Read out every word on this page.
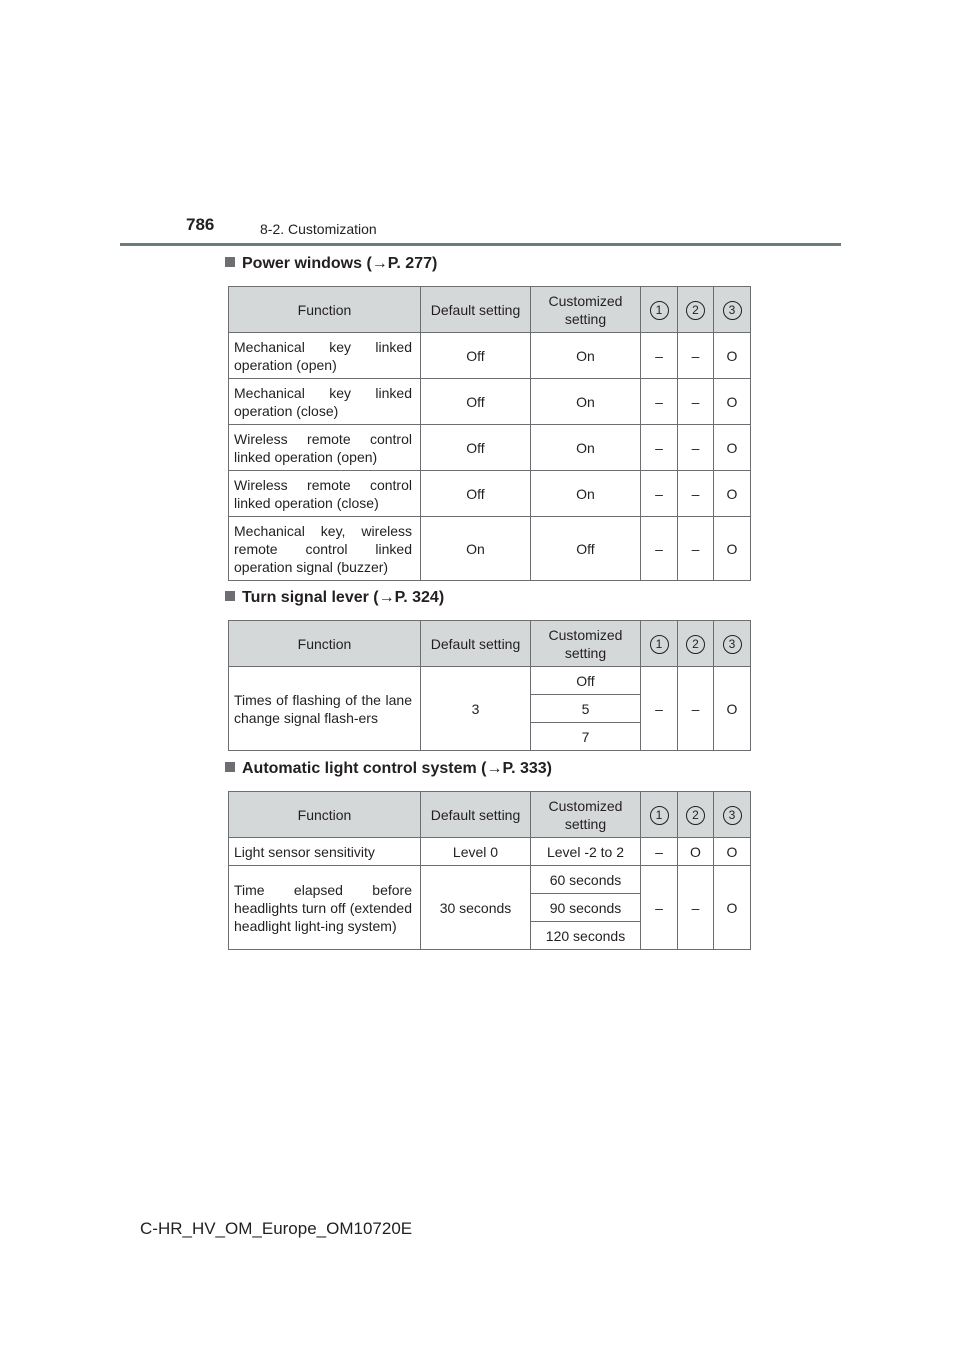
786	8-2. Customization
Power windows (→P. 277)
Function	Default setting	Customized setting	1	2	3
Mechanical key linked operation (open)	Off	On	–	–	O
Mechanical key linked operation (close)	Off	On	–	–	O
Wireless remote control linked operation (open)	Off	On	–	–	O
Wireless remote control linked operation (close)	Off	On	–	–	O
Mechanical key, wireless remote control linked operation signal (buzzer)	On	Off	–	–	O
Turn signal lever (→P. 324)
Function	Default setting	Customized setting	1	2	3
Times of flashing of the lane change signal flash-ers	3	Off	–	–	O
		5			
		7			
Automatic light control system (→P. 333)
Function	Default setting	Customized setting	1	2	3
Light sensor sensitivity	Level 0	Level -2 to 2	–	O	O
Time elapsed before headlights turn off (extended headlight light-ing system)	30 seconds	60 seconds	–	–	O
		90 seconds			
		120 seconds			
C-HR_HV_OM_Europe_OM10720E
